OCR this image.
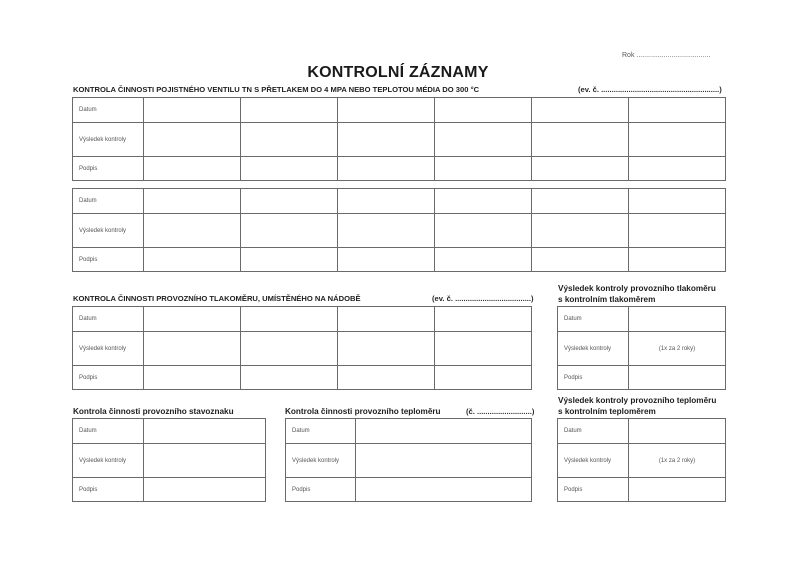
Rok ......................................
KONTROLNÍ ZÁZNAMY
KONTROLA ČINNOSTI POJISTNÉHO VENTILU TN S PŘETLAKEM DO 4 MPA NEBO TEPLOTOU MÉDIA DO 300 °C	(ev. č. ........................................................)
Datum						
Výsledek kontroly						
Podpis						
Datum						
Výsledek kontroly						
Podpis						
KONTROLA ČINNOSTI PROVOZNÍHO TLAKOMĚRU, UMÍSTĚNÉHO NA NÁDOBĚ	(ev. č. ....................................)
Datum				
Výsledek kontroly				
Podpis				
Výsledek kontroly provozního tlakoměru
s kontrolním tlakoměrem
Datum	
Výsledek kontroly	(1x za 2 roky)
Podpis	
Kontrola činnosti provozního stavoznaku
Datum	
Výsledek kontroly	
Podpis	
Kontrola činnosti provozního teploměru	(č. ..........................)
Datum	
Výsledek kontroly	
Podpis	
Výsledek kontroly provozního teploměru
s kontrolním teploměrem
Datum	
Výsledek kontroly	(1x za 2 roky)
Podpis	
